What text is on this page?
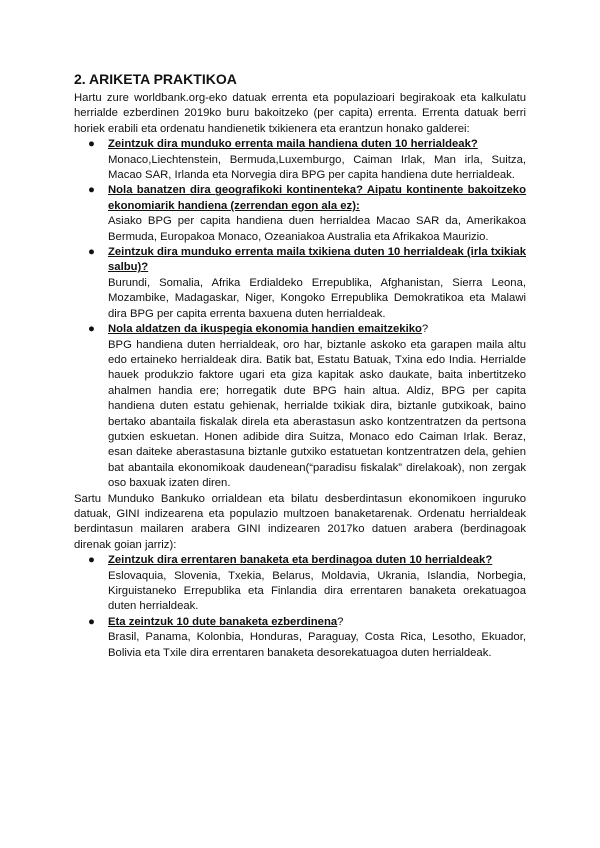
2. ARIKETA PRAKTIKOA

Hartu zure worldbank.org-eko datuak errenta eta populazioari begirakoak eta kalkulatu herrialde ezberdinen 2019ko buru bakoitzeko (per capita) errenta. Errenta datuak berri horiek erabili eta ordenatu handienetik txikienera eta erantzun honako galderei:

● Zeintzuk dira munduko errenta maila handiena duten 10 herrialdeak?
Monaco,Liechtenstein, Bermuda,Luxemburgo, Caiman Irlak, Man irla, Suitza, Macao SAR, Irlanda eta Norvegia dira BPG per capita handiena dute herrialdeak.
● Nola banatzen dira geografikoki kontinenteka? Aipatu kontinente bakoitzeko ekonomiarik handiena (zerrendan egon ala ez):
Asiako BPG per capita handiena duen herrialdea Macao SAR da, Amerikakoa Bermuda, Europakoa Monaco, Ozeaniakoa Australia eta Afrikakoa Maurizio.
● Zeintzuk dira munduko errenta maila txikiena duten 10 herrialdeak (irla txikiak salbu)?
Burundi, Somalia, Afrika Erdialdeko Errepublika, Afghanistan, Sierra Leona, Mozambike, Madagaskar, Niger, Kongoko Errepublika Demokratikoa eta Malawi dira BPG per capita errenta baxuena duten herrialdeak.
● Nola aldatzen da ikuspegia ekonomia handien emaitzekiko?
BPG handiena duten herrialdeak, oro har, biztanle askoko eta garapen maila altu edo ertaineko herrialdeak dira. Batik bat, Estatu Batuak, Txina edo India. Herrialde hauek produkzio faktore ugari eta giza kapitak asko daukate, baita inbertitzeko ahalmen handia ere; horregatik dute BPG hain altua. Aldiz, BPG per capita handiena duten estatu gehienak, herrialde txikiak dira, biztanle gutxikoak, baino bertako abantaila fiskalak direla eta aberastasun asko kontzentratzen da pertsona gutxien eskuetan. Honen adibide dira Suitza, Monaco edo Caiman Irlak. Beraz, esan daiteke aberastasuna biztanle gutxiko estatuetan kontzentratzen dela, gehien bat abantaila ekonomikoak daudenean(“paradisu fiskalak” direlakoak), non zergak oso baxuak izaten diren.

Sartu Munduko Bankuko orrialdean eta bilatu desberdintasun ekonomikoen inguruko datuak, GINI indizearena eta populazio multzoen banaketarenak. Ordenatu herrialdeak berdintasun mailaren arabera GINI indizearen 2017ko datuen arabera (berdinagoak direnak goian jarriz):

● Zeintzuk dira errentaren banaketa eta berdinagoa duten 10 herrialdeak?
Eslovaquia, Slovenia, Txekia, Belarus, Moldavia, Ukrania, Islandia, Norbegia, Kirguistaneko Errepublika eta Finlandia dira errentaren banaketa orekatuagoa duten herrialdeak.
● Eta zeintzuk 10 dute banaketa ezberdinena?
Brasil, Panama, Kolonbia, Honduras, Paraguay, Costa Rica, Lesotho, Ekuador, Bolivia eta Txile dira errentaren banaketa desorekatuagoa duten herrialdeak.
